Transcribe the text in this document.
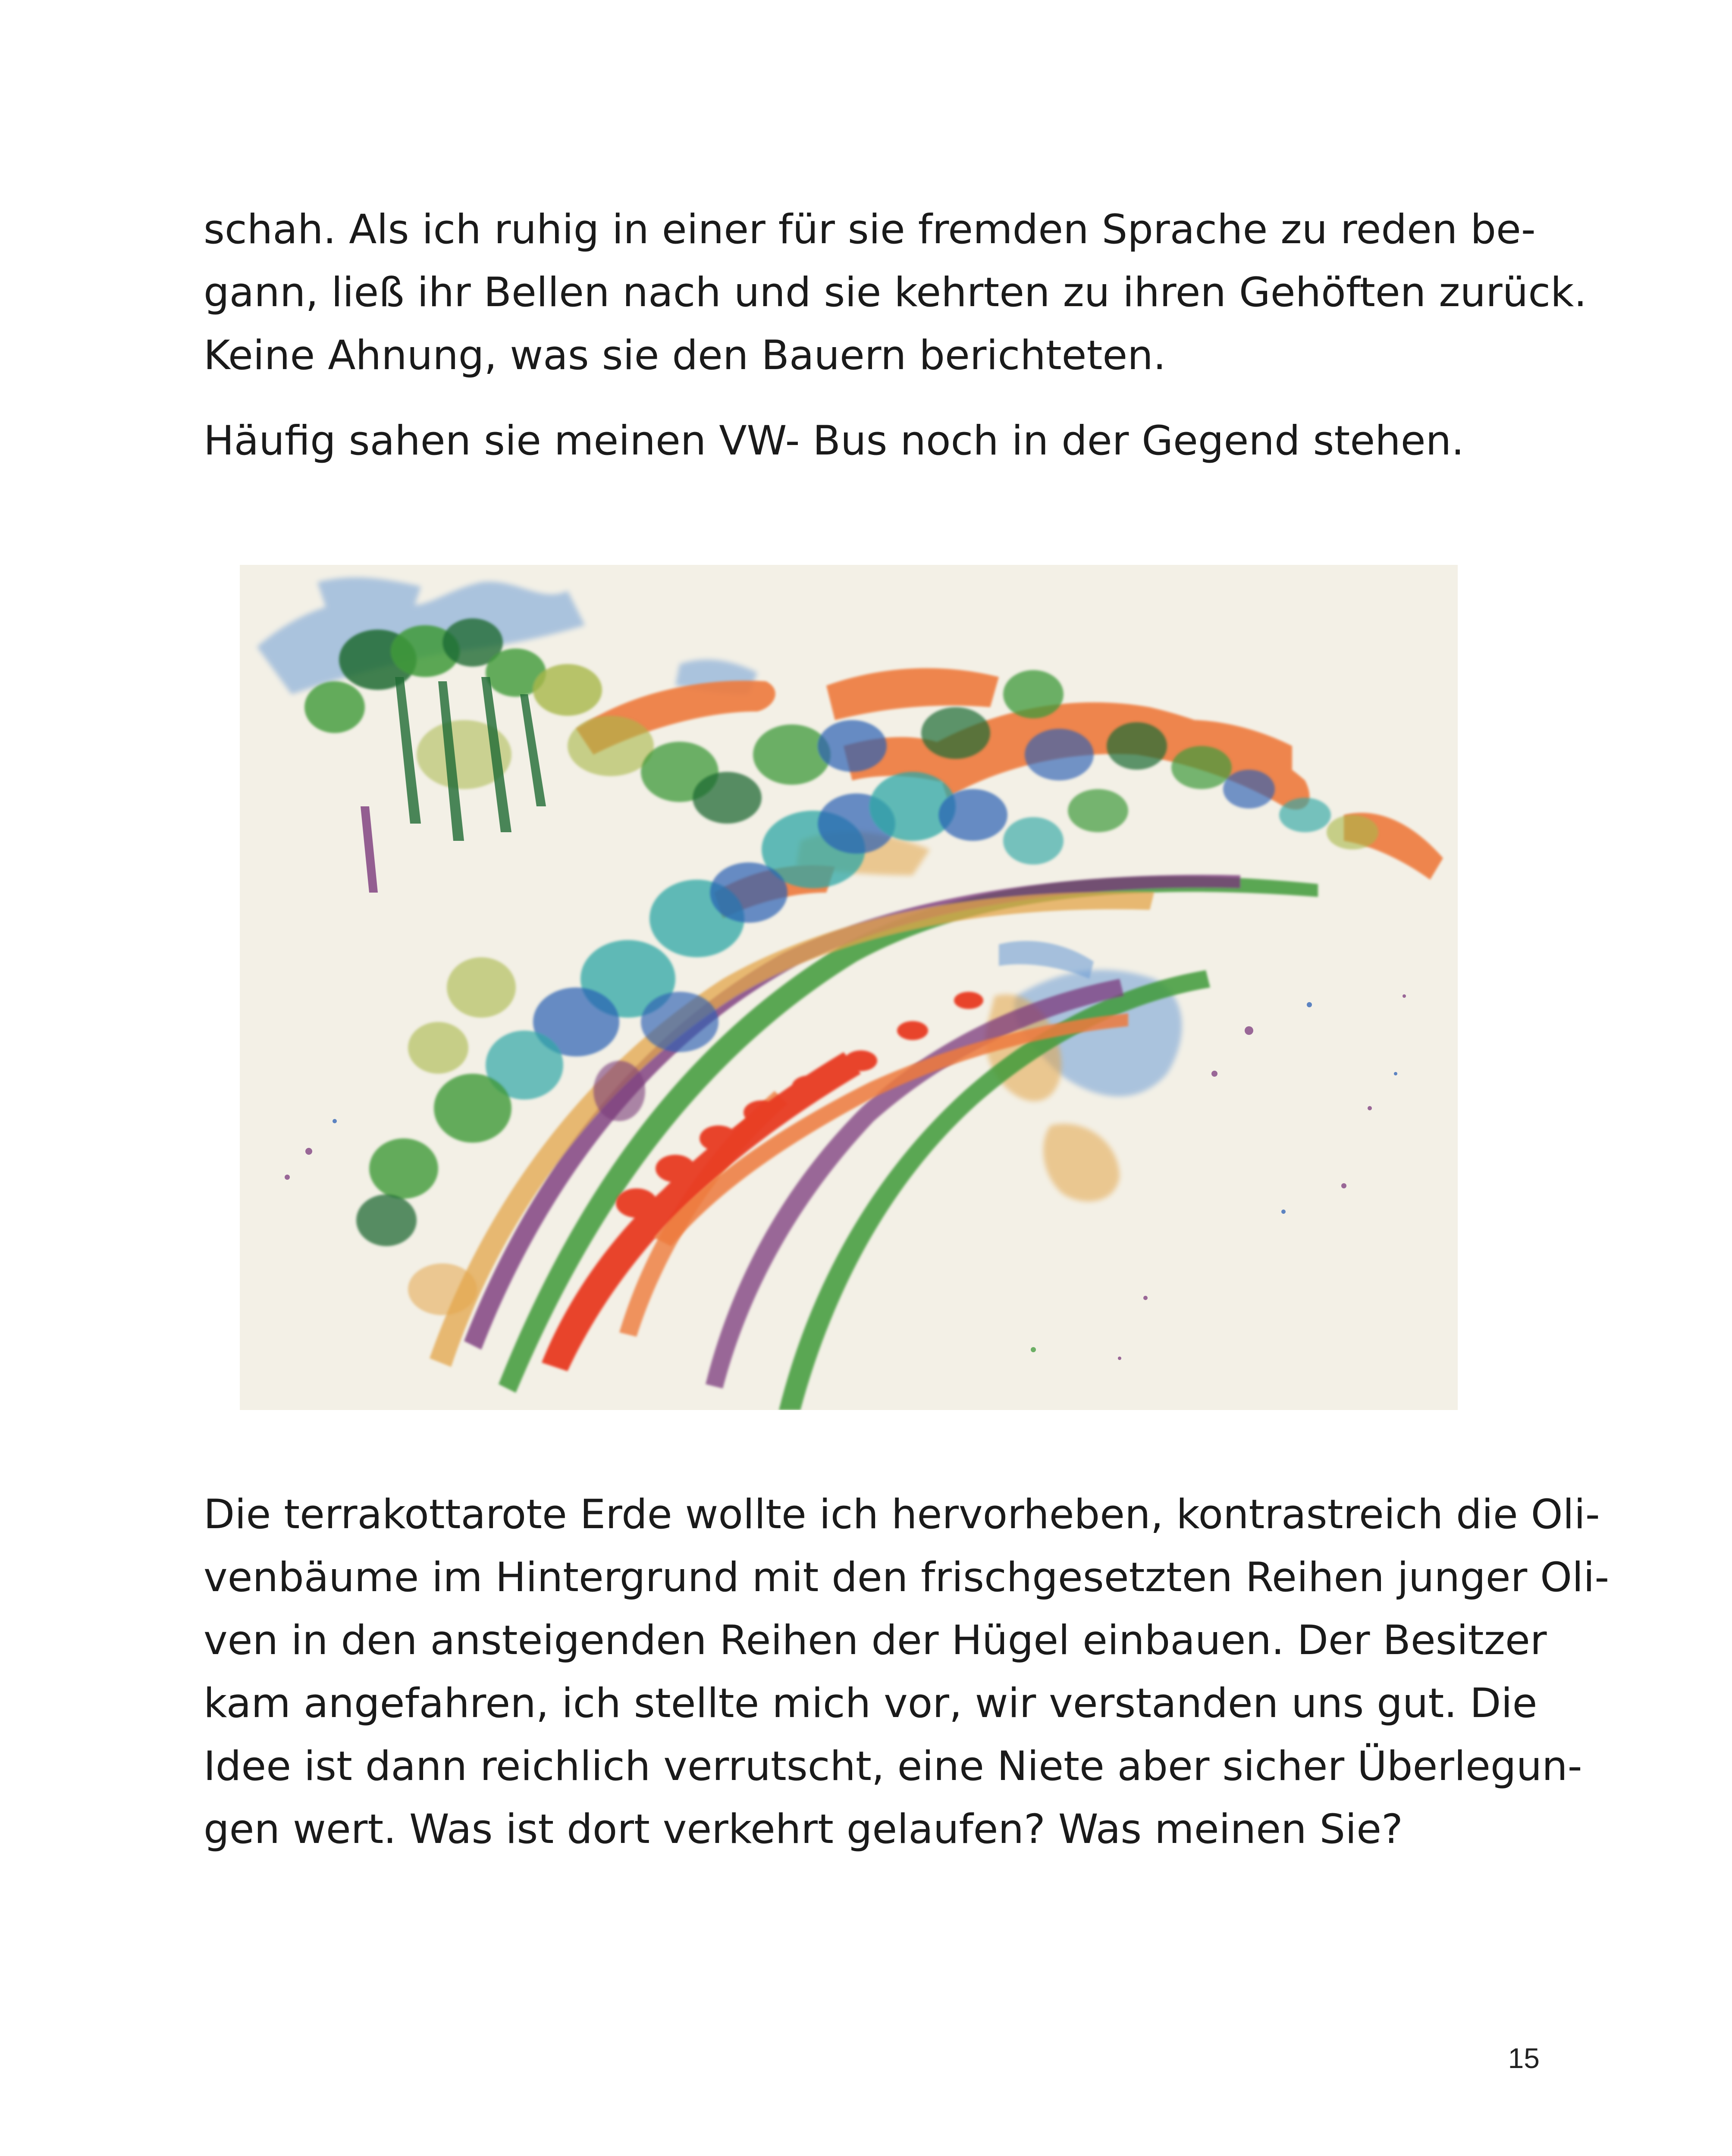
schah. Als ich ruhig in einer für sie fremden Sprache zu reden be-
gann, ließ ihr Bellen nach und sie kehrten zu ihren Gehöften zurück.
Keine Ahnung, was sie den Bauern berichteten.

Häufig sahen sie meinen VW- Bus noch in der Gegend stehen.

Die terrakottarote Erde wollte ich hervorheben, kontrastreich die Oli-
venbäume im Hintergrund mit den frischgesetzten Reihen junger Oli-
ven in den ansteigenden Reihen der Hügel einbauen. Der Besitzer
kam angefahren, ich stellte mich vor, wir verstanden uns gut. Die
Idee ist dann reichlich verrutscht, eine Niete aber sicher Überlegun-
gen wert. Was ist dort verkehrt gelaufen? Was meinen Sie?

15
